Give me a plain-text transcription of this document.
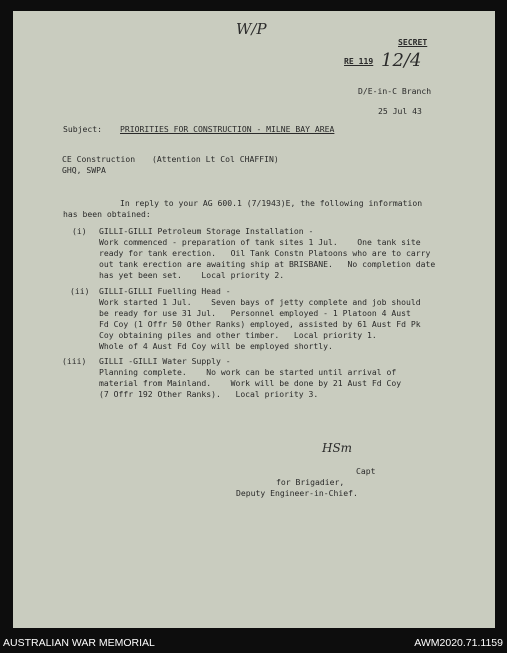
W/P
12/4
HSm
SECRET
RE 119
D/E-in-C Branch
25 Jul 43
Subject: PRIORITIES FOR CONSTRUCTION - MILNE BAY AREA
CE Construction (Attention Lt Col CHAFFIN)
GHQ, SWPA
In reply to your AG 600.1 (7/1943)E, the following information
has been obtained:
(i) GILLI-GILLI Petroleum Storage Installation -
Work commenced - preparation of tank sites 1 Jul.    One tank site
ready for tank erection.   Oil Tank Constn Platoons who are to carry
out tank erection are awaiting ship at BRISBANE.   No completion date
has yet been set.    Local priority 2.
(ii) GILLI-GILLI Fuelling Head -
Work started 1 Jul.    Seven bays of jetty complete and job should
be ready for use 31 Jul.   Personnel employed - 1 Platoon 4 Aust
Fd Coy (1 Offr 50 Other Ranks) employed, assisted by 61 Aust Fd Pk
Coy obtaining piles and other timber.   Local priority 1.
Whole of 4 Aust Fd Coy will be employed shortly.
(iii) GILLI -GILLI Water Supply -
Planning complete.    No work can be started until arrival of
material from Mainland.    Work will be done by 21 Aust Fd Coy
(7 Offr 192 Other Ranks).   Local priority 3.
Capt
for Brigadier,
Deputy Engineer-in-Chief.
AUSTRALIAN WAR MEMORIAL	AWM2020.71.1159
